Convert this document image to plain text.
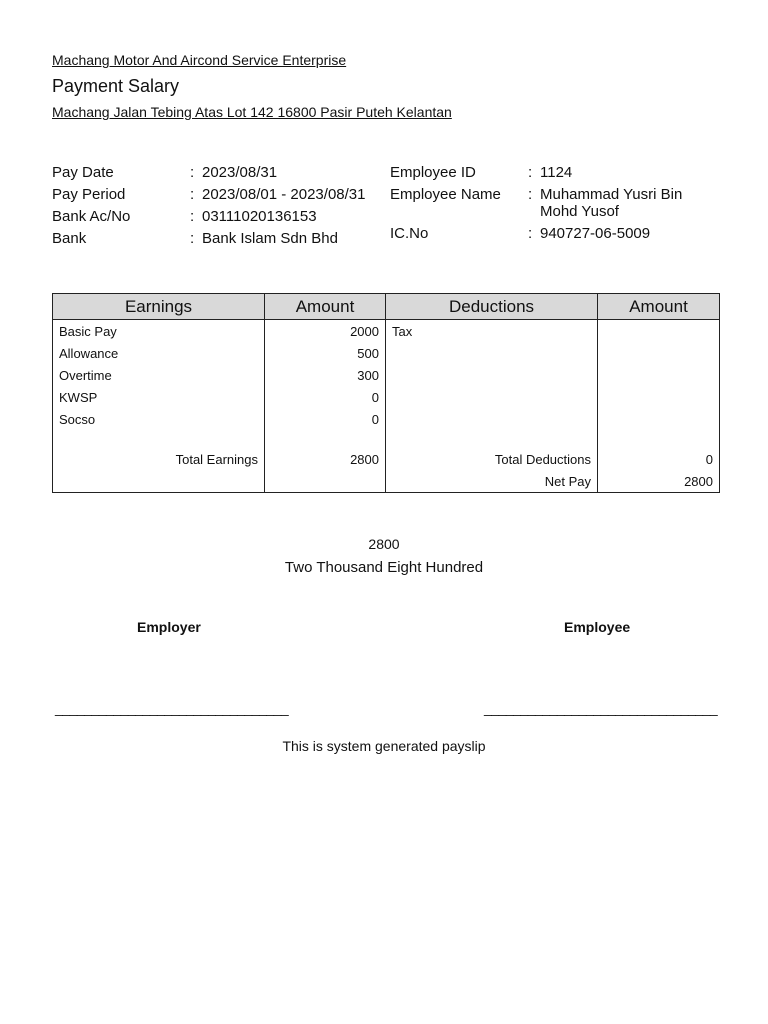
Machang Motor And Aircond Service Enterprise
Payment Salary
Machang Jalan Tebing Atas Lot 142 16800 Pasir Puteh Kelantan
Pay Date	: 2023/08/31
Pay Period	: 2023/08/01 - 2023/08/31
Bank Ac/No	: 03111020136153
Bank	: Bank Islam Sdn Bhd
Employee ID	: 1124
Employee Name : Muhammad Yusri Bin
Mohd Yusof
IC.No	: 940727-06-5009
Earnings	Amount	Deductions	Amount
Basic Pay	2000	Tax	
Allowance	500		
Overtime	300		
KWSP	0		
Socso	0		

Total Earnings	2800	Total Deductions	0
		Net Pay	2800
2800
Two Thousand Eight Hundred
Employer	Employee
________________________________	________________________________
This is system generated payslip
